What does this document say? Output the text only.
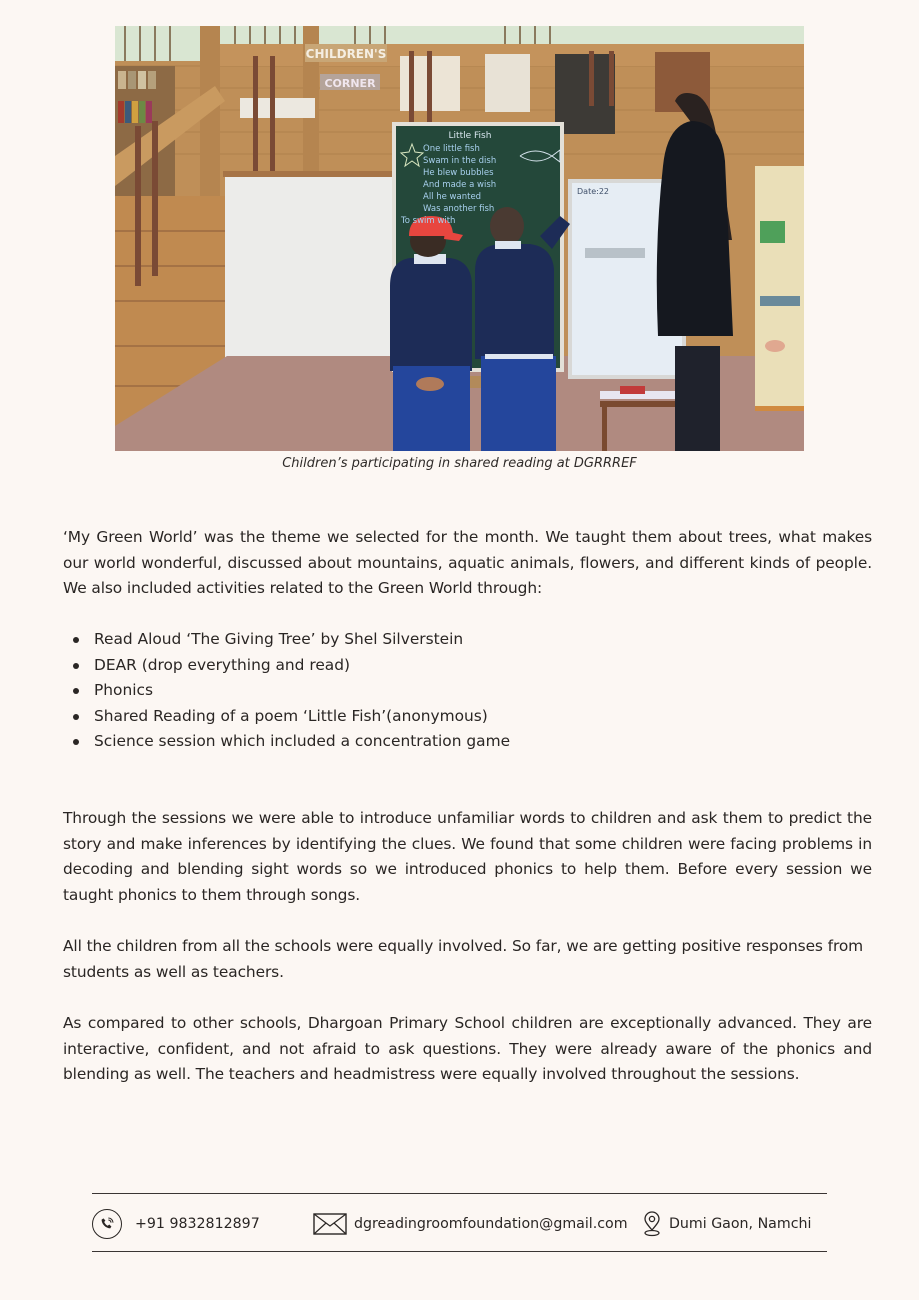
CHILDREN'S
CORNER
Little Fish
One little fish
Swam in the dish
He blew bubbles
And made a wish
All he wanted
Was another fish
To swim with
Date:22
Children’s participating in shared reading at DGRRREF

‘My Green World’ was the theme we selected for the month. We taught them about trees, what makes our world wonderful, discussed about mountains, aquatic animals, flowers, and different kinds of people. We also included activities related to the Green World through:

Read Aloud ‘The Giving Tree’ by Shel Silverstein
DEAR (drop everything and read)
Phonics
Shared Reading of a poem ‘Little Fish’(anonymous)
Science session which included a concentration game

Through the sessions we were able to introduce unfamiliar words to children and ask them to predict the story and make inferences by identifying the clues. We found that some children were facing problems in decoding and blending sight words so we introduced phonics to help them. Before every session we taught phonics to them through songs.

All the children from all the schools were equally involved. So far, we are getting positive responses from students as well as teachers.

As compared to other schools, Dhargoan Primary School children are exceptionally advanced. They are interactive, confident, and not afraid to ask questions. They were already aware of the phonics and blending as well. The teachers and headmistress were equally involved throughout the sessions.

+91 9832812897	dgreadingroomfoundation@gmail.com	Dumi Gaon, Namchi
